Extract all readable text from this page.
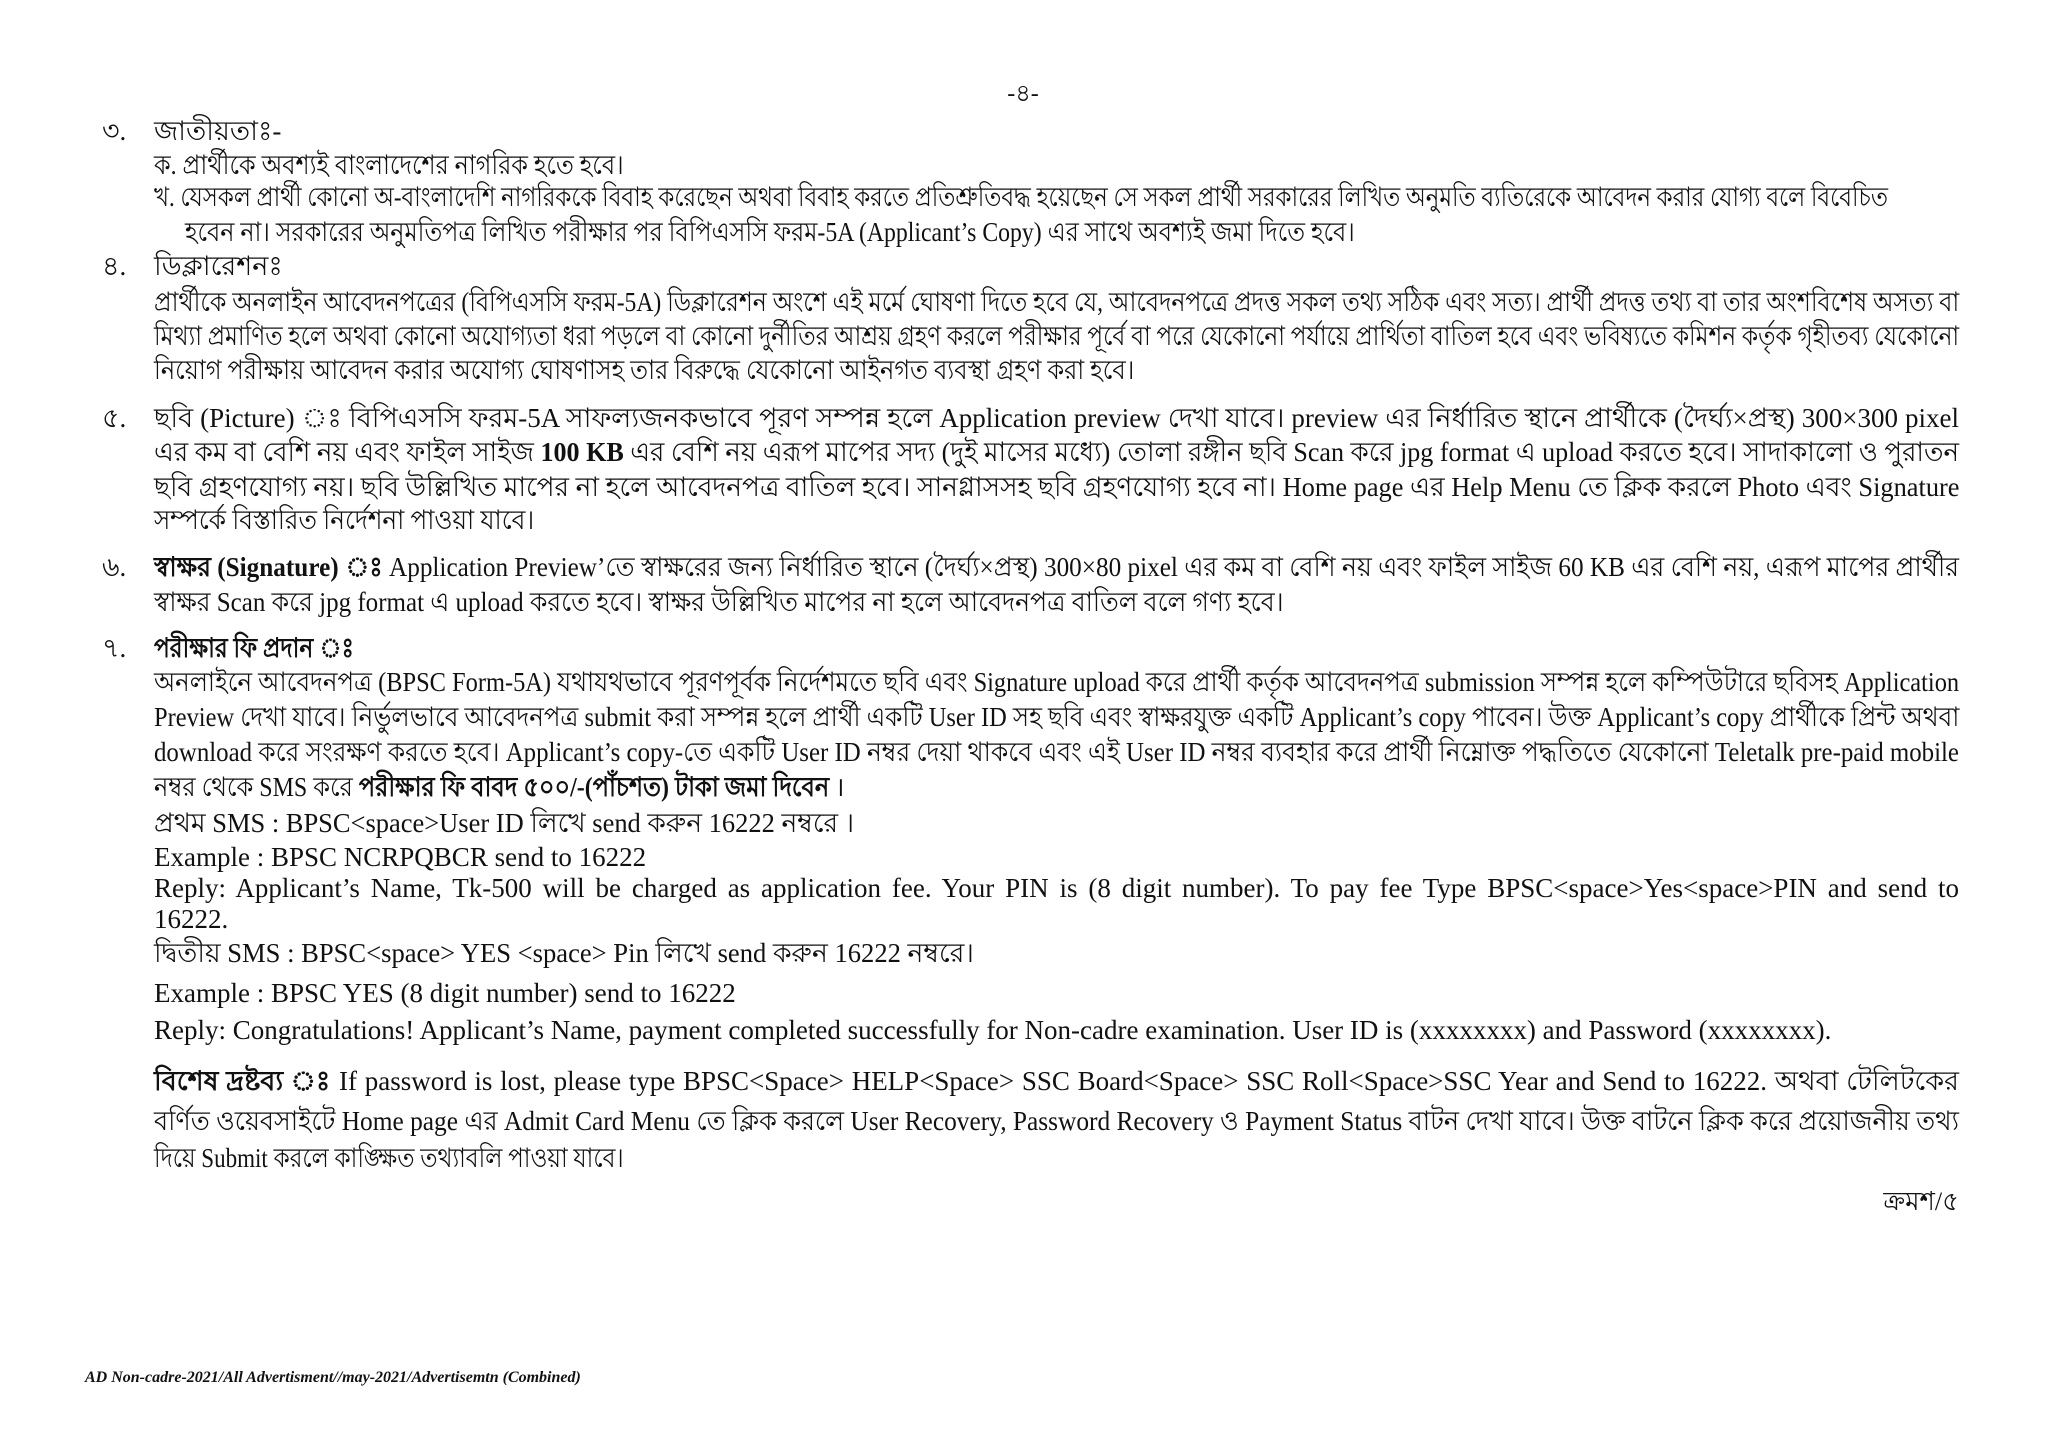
-৪-
৩.	জাতীয়তাঃ-
ক. প্রার্থীকে অবশ্যই বাংলাদেশের নাগরিক হতে হবে।
খ. যেসকল প্রার্থী কোনো অ-বাংলাদেশি নাগরিককে বিবাহ করেছেন অথবা বিবাহ করতে প্রতিশ্রুতিবদ্ধ হয়েছেন সে সকল প্রার্থী সরকারের লিখিত অনুমতি ব্যতিরেকে আবেদন করার যোগ্য বলে বিবেচিত
হবেন না। সরকারের অনুমতিপত্র লিখিত পরীক্ষার পর বিপিএসসি ফরম-5A (Applicant’s Copy) এর সাথে অবশ্যই জমা দিতে হবে।
৪.	ডিক্লারেশনঃ
প্রার্থীকে অনলাইন আবেদনপত্রের (বিপিএসসি ফরম-5A) ডিক্লারেশন অংশে এই মর্মে ঘোষণা দিতে হবে যে, আবেদনপত্রে প্রদত্ত সকল তথ্য সঠিক এবং সত্য। প্রার্থী প্রদত্ত তথ্য বা তার অংশবিশেষ অসত্য বা
মিথ্যা প্রমাণিত হলে অথবা কোনো অযোগ্যতা ধরা পড়লে বা কোনো দুর্নীতির আশ্রয় গ্রহণ করলে পরীক্ষার পূর্বে বা পরে যেকোনো পর্যায়ে প্রার্থিতা বাতিল হবে এবং ভবিষ্যতে কমিশন কর্তৃক গৃহীতব্য যেকোনো
নিয়োগ পরীক্ষায় আবেদন করার অযোগ্য ঘোষণাসহ তার বিরুদ্ধে যেকোনো আইনগত ব্যবস্থা গ্রহণ করা হবে।
৫.	ছবি (Picture) ঃ বিপিএসসি ফরম-5A সাফল্যজনকভাবে পূরণ সম্পন্ন হলে Application preview দেখা যাবে। preview এর নির্ধারিত স্থানে প্রার্থীকে (দৈর্ঘ্য×প্রস্থ) 300×300 pixel
এর কম বা বেশি নয় এবং ফাইল সাইজ 100 KB এর বেশি নয় এরূপ মাপের সদ্য (দুই মাসের মধ্যে) তোলা রঙ্গীন ছবি Scan করে jpg format এ upload করতে হবে। সাদাকালো ও পুরাতন
ছবি গ্রহণযোগ্য নয়। ছবি উল্লিখিত মাপের না হলে আবেদনপত্র বাতিল হবে। সানগ্লাসসহ ছবি গ্রহণযোগ্য হবে না। Home page এর Help Menu তে ক্লিক করলে Photo এবং Signature
সম্পর্কে বিস্তারিত নির্দেশনা পাওয়া যাবে।
৬.	স্বাক্ষর (Signature) ঃ Application Preview’তে স্বাক্ষরের জন্য নির্ধারিত স্থানে (দৈর্ঘ্য×প্রস্থ) 300×80 pixel এর কম বা বেশি নয় এবং ফাইল সাইজ 60 KB এর বেশি নয়, এরূপ মাপের প্রার্থীর
স্বাক্ষর Scan করে jpg format এ upload করতে হবে। স্বাক্ষর উল্লিখিত মাপের না হলে আবেদনপত্র বাতিল বলে গণ্য হবে।
৭.	পরীক্ষার ফি প্রদান ঃ
অনলাইনে আবেদনপত্র (BPSC Form-5A) যথাযথভাবে পূরণপূর্বক নির্দেশমতে ছবি এবং Signature upload করে প্রার্থী কর্তৃক আবেদনপত্র submission সম্পন্ন হলে কম্পিউটারে ছবিসহ Application
Preview দেখা যাবে। নির্ভুলভাবে আবেদনপত্র submit করা সম্পন্ন হলে প্রার্থী একটি User ID সহ ছবি এবং স্বাক্ষরযুক্ত একটি Applicant’s copy পাবেন। উক্ত Applicant’s copy প্রার্থীকে প্রিন্ট অথবা
download করে সংরক্ষণ করতে হবে। Applicant’s copy-তে একটি User ID নম্বর দেয়া থাকবে এবং এই User ID নম্বর ব্যবহার করে প্রার্থী নিম্নোক্ত পদ্ধতিতে যেকোনো Teletalk pre-paid mobile
নম্বর থেকে SMS করে পরীক্ষার ফি বাবদ ৫০০/-(পাঁচশত) টাকা জমা দিবেন ।
প্রথম SMS : BPSC<space>User ID লিখে send করুন 16222 নম্বরে ।
Example : BPSC NCRPQBCR send to 16222
Reply: Applicant’s Name, Tk-500 will be charged as application fee. Your PIN is (8 digit number). To pay fee Type BPSC<space>Yes<space>PIN and send to
16222.
দ্বিতীয় SMS : BPSC<space> YES <space> Pin লিখে send করুন 16222 নম্বরে।
Example : BPSC YES (8 digit number) send to 16222
Reply: Congratulations! Applicant’s Name, payment completed successfully for Non-cadre examination. User ID is (xxxxxxxx) and Password (xxxxxxxx).
বিশেষ দ্রষ্টব্য ঃ If password is lost, please type BPSC<Space> HELP<Space> SSC Board<Space> SSC Roll<Space>SSC Year and Send to 16222. অথবা টেলিটকের
বর্ণিত ওয়েবসাইটে Home page এর Admit Card Menu তে ক্লিক করলে User Recovery, Password Recovery ও Payment Status বাটন দেখা যাবে। উক্ত বাটনে ক্লিক করে প্রয়োজনীয় তথ্য
দিয়ে Submit করলে কাঙ্ক্ষিত তথ্যাবলি পাওয়া যাবে।
ক্রমশ/৫
AD Non-cadre-2021/All Advertisment//may-2021/Advertisemtn (Combined)
